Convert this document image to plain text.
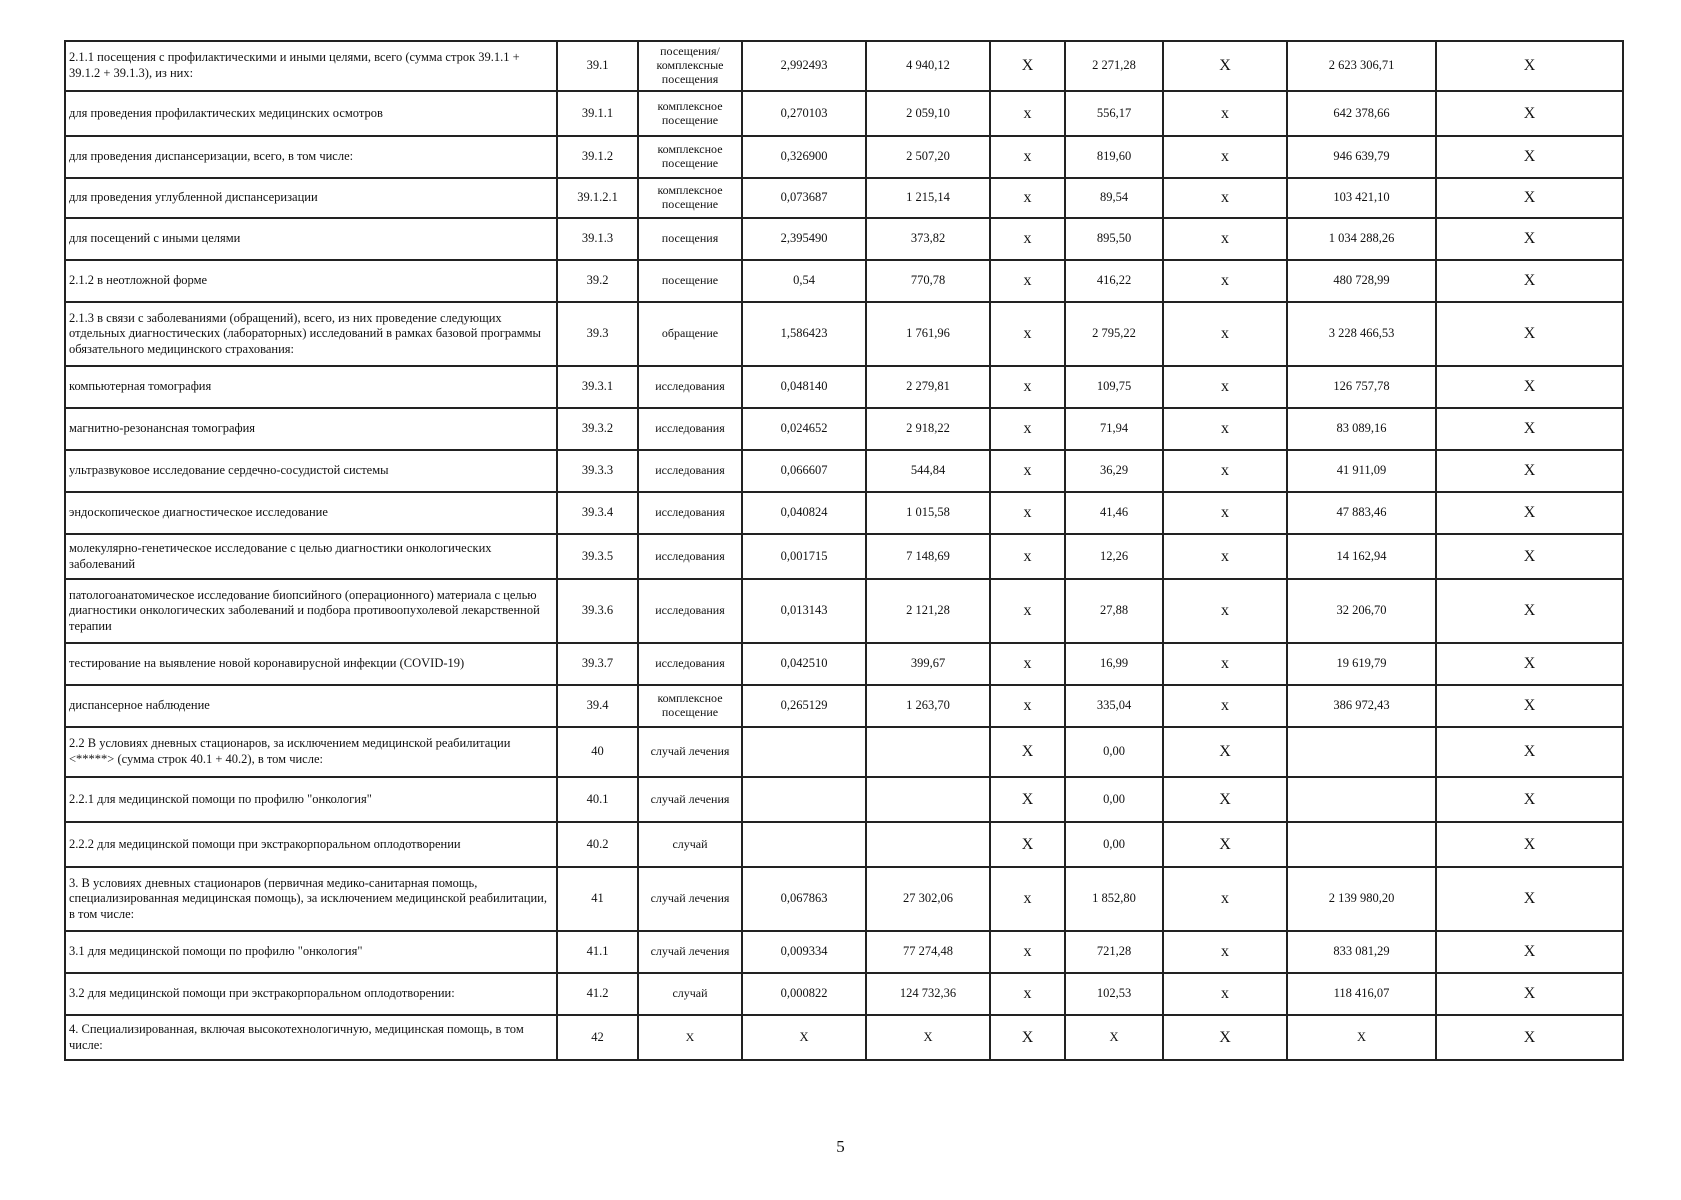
2.1.1 посещения с профилактическими и иными целями, всего (сумма строк 39.1.1 + 39.1.2 + 39.1.3), из них:	39.1	посещения/комплексные посещения	2,992493	4 940,12	X	2 271,28	X	2 623 306,71	X
для проведения профилактических медицинских осмотров	39.1.1	комплексное посещение	0,270103	2 059,10	x	556,17	x	642 378,66	X
для проведения диспансеризации, всего, в том числе:	39.1.2	комплексное посещение	0,326900	2 507,20	x	819,60	x	946 639,79	X
для проведения углубленной диспансеризации	39.1.2.1	комплексное посещение	0,073687	1 215,14	x	89,54	x	103 421,10	X
для посещений с иными целями	39.1.3	посещения	2,395490	373,82	x	895,50	x	1 034 288,26	X
2.1.2 в неотложной форме	39.2	посещение	0,54	770,78	x	416,22	x	480 728,99	X
2.1.3 в связи с заболеваниями (обращений), всего, из них проведение следующих отдельных диагностических (лабораторных) исследований в рамках базовой программы обязательного медицинского страхования:	39.3	обращение	1,586423	1 761,96	x	2 795,22	x	3 228 466,53	X
компьютерная томография	39.3.1	исследования	0,048140	2 279,81	x	109,75	x	126 757,78	X
магнитно-резонансная томография	39.3.2	исследования	0,024652	2 918,22	x	71,94	x	83 089,16	X
ультразвуковое исследование сердечно-сосудистой системы	39.3.3	исследования	0,066607	544,84	x	36,29	x	41 911,09	X
эндоскопическое диагностическое исследование	39.3.4	исследования	0,040824	1 015,58	x	41,46	x	47 883,46	X
молекулярно-генетическое исследование с целью диагностики онкологических заболеваний	39.3.5	исследования	0,001715	7 148,69	x	12,26	x	14 162,94	X
патологоанатомическое исследование биопсийного (операционного) материала с целью диагностики онкологических заболеваний и подбора противоопухолевой лекарственной терапии	39.3.6	исследования	0,013143	2 121,28	x	27,88	x	32 206,70	X
тестирование на выявление новой коронавирусной инфекции (COVID-19)	39.3.7	исследования	0,042510	399,67	x	16,99	x	19 619,79	X
диспансерное наблюдение	39.4	комплексное посещение	0,265129	1 263,70	x	335,04	x	386 972,43	X
2.2 В условиях дневных стационаров, за исключением медицинской реабилитации <*****> (сумма строк 40.1 + 40.2), в том числе:	40	случай лечения			X	0,00	X		X
2.2.1 для медицинской помощи по профилю "онкология"	40.1	случай лечения			X	0,00	X		X
2.2.2 для медицинской помощи при экстракорпоральном оплодотворении	40.2	случай			X	0,00	X		X
3. В условиях дневных стационаров (первичная медико-санитарная помощь, специализированная медицинская помощь), за исключением медицинской реабилитации, в том числе:	41	случай лечения	0,067863	27 302,06	x	1 852,80	x	2 139 980,20	X
3.1 для медицинской помощи по профилю "онкология"	41.1	случай лечения	0,009334	77 274,48	x	721,28	x	833 081,29	X
3.2 для медицинской помощи при экстракорпоральном оплодотворении:	41.2	случай	0,000822	124 732,36	x	102,53	x	118 416,07	X
4. Специализированная, включая высокотехнологичную, медицинская помощь, в том числе:	42	X	X	X	X	X	X	X	X
5
